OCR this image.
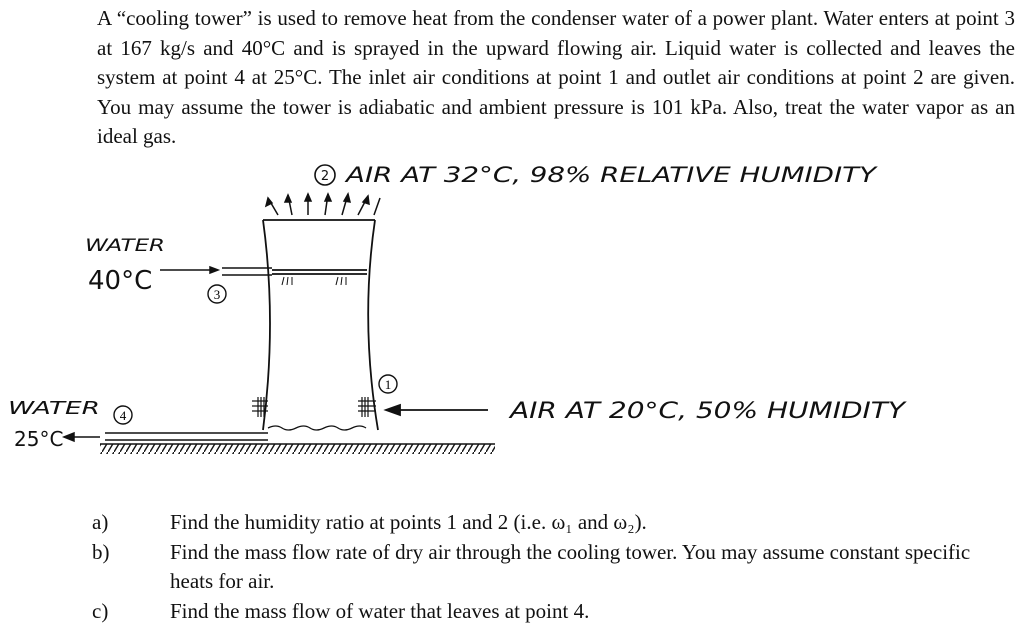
A “cooling tower” is used to remove heat from the condenser water of a power plant. Water enters at point 3 at 167 kg/s and 40°C and is sprayed in the upward flowing air. Liquid water is collected and leaves the system at point 4 at 25°C. The inlet air conditions at point 1 and outlet air conditions at point 2 are given. You may assume the tower is adiabatic and ambient pressure is 101 kPa. Also, treat the water vapor as an ideal gas.
2 AIR AT 32°C, 98% RELATIVE HUMIDITY
WATER
40°C	3
1
AIR AT 20°C, 50% HUMIDITY
WATER
25°C
4
a)	Find the humidity ratio at points 1 and 2 (i.e. ω₁ and ω₂).
b)	Find the mass flow rate of dry air through the cooling tower. You may assume constant specific heats for air.
c)	Find the mass flow of water that leaves at point 4.
